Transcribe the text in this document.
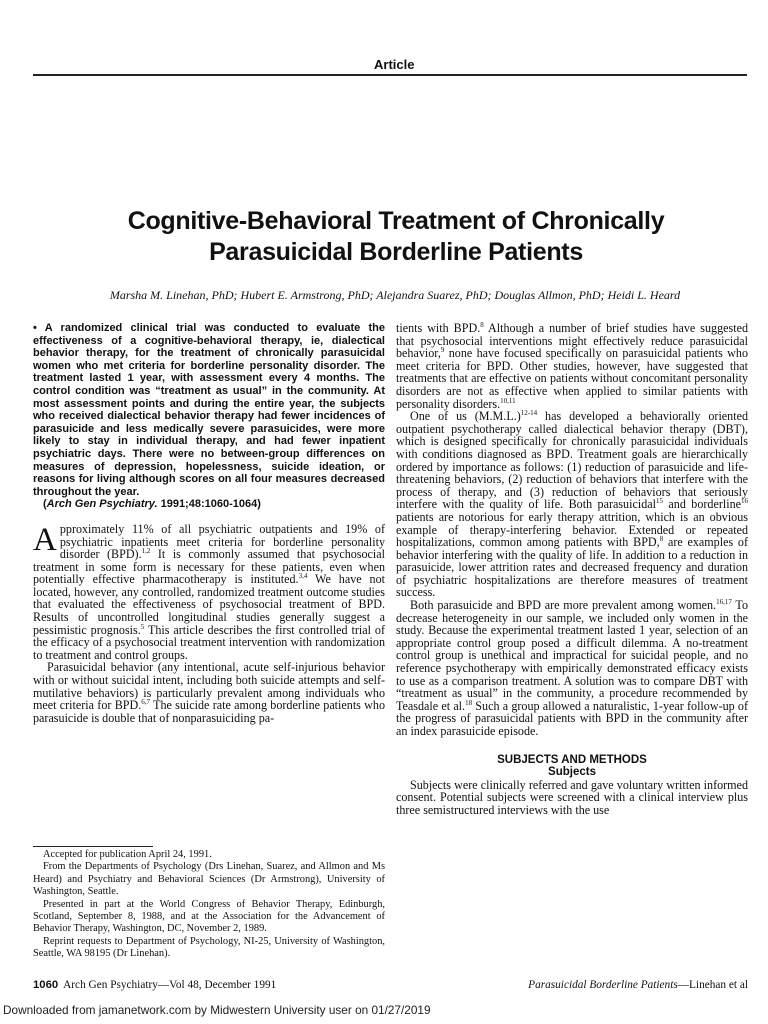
Article
Cognitive-Behavioral Treatment of Chronically
Parasuicidal Borderline Patients
Marsha M. Linehan, PhD; Hubert E. Armstrong, PhD; Alejandra Suarez, PhD; Douglas Allmon, PhD; Heidi L. Heard

• A randomized clinical trial was conducted to evaluate the effectiveness of a cognitive-behavioral therapy, ie, dialectical behavior therapy, for the treatment of chronically parasuicidal women who met criteria for borderline personality disorder. The treatment lasted 1 year, with assessment every 4 months. The control condition was “treatment as usual” in the community. At most assessment points and during the entire year, the subjects who received dialectical behavior therapy had fewer incidences of parasuicide and less medically severe parasuicides, were more likely to stay in individual therapy, and had fewer inpatient psychiatric days. There were no between-group differences on measures of depression, hopelessness, suicide ideation, or reasons for living although scores on all four measures decreased throughout the year.

(Arch Gen Psychiatry. 1991;48:1060-1064)

Approximately 11% of all psychiatric outpatients and 19% of psychiatric inpatients meet criteria for borderline personality disorder (BPD).$^{1,2}$ It is commonly assumed that psychosocial treatment in some form is necessary for these patients, even when potentially effective pharmacotherapy is instituted.$^{3,4}$ We have not located, however, any controlled, randomized treatment outcome studies that evaluated the effectiveness of psychosocial treatment of BPD. Results of uncontrolled longitudinal studies generally suggest a pessimistic prognosis.$^5$ This article describes the first controlled trial of the efficacy of a psychosocial treatment intervention with randomization to treatment and control groups.

Parasuicidal behavior (any intentional, acute self-injurious behavior with or without suicidal intent, including both suicide attempts and self-mutilative behaviors) is particularly prevalent among individuals who meet criteria for BPD.$^{6,7}$ The suicide rate among borderline patients who parasuicide is double that of nonparasuiciding pa-

Accepted for publication April 24, 1991.

From the Departments of Psychology (Drs Linehan, Suarez, and Allmon and Ms Heard) and Psychiatry and Behavioral Sciences (Dr Armstrong), University of Washington, Seattle.

Presented in part at the World Congress of Behavior Therapy, Edinburgh, Scotland, September 8, 1988, and at the Association for the Advancement of Behavior Therapy, Washington, DC, November 2, 1989.

Reprint requests to Department of Psychology, NI-25, University of Washington, Seattle, WA 98195 (Dr Linehan).

tients with BPD.$^8$ Although a number of brief studies have suggested that psychosocial interventions might effectively reduce parasuicidal behavior,$^9$ none have focused specifically on parasuicidal patients who meet criteria for BPD. Other studies, however, have suggested that treatments that are effective on patients without concomitant personality disorders are not as effective when applied to similar patients with personality disorders.$^{10,11}$

One of us $(M.M.L.)^{12-14}$ has developed a behaviorally oriented outpatient psychotherapy called dialectical behavior therapy (DBT), which is designed specifically for chronically parasuicidal individuals with conditions diagnosed as BPD. Treatment goals are hierarchically ordered by importance as follows: (1) reduction of parasuicide and life-threatening behaviors, (2) reduction of behaviors that interfere with the process of therapy, and (3) reduction of behaviors that seriously interfere with the quality of life. Both parasuicidal$^{15}$ and borderline$^{16}$ patients are notorious for early therapy attrition, which is an obvious example of therapy-interfering behavior. Extended or repeated hospitalizations, common among patients with BPD,$^8$ are examples of behavior interfering with the quality of life. In addition to a reduction in parasuicide, lower attrition rates and decreased frequency and duration of psychiatric hospitalizations are therefore measures of treatment success.

Both parasuicide and BPD are more prevalent among women.$^{16,17}$ To decrease heterogeneity in our sample, we included only women in the study. Because the experimental treatment lasted 1 year, selection of an appropriate control group posed a difficult dilemma. A no-treatment control group is unethical and impractical for suicidal people, and no reference psychotherapy with empirically demonstrated efficacy exists to use as a comparison treatment. A solution was to compare DBT with “treatment as usual” in the community, a procedure recommended by Teasdale et al.$^{18}$ Such a group allowed a naturalistic, 1-year follow-up of the progress of parasuicidal patients with BPD in the community after an index parasuicide episode.

SUBJECTS AND METHODS

Subjects

Subjects were clinically referred and gave voluntary written informed consent. Potential subjects were screened with a clinical interview plus three semistructured interviews with the use

1060 Arch Gen Psychiatry—Vol 48, December 1991	Parasuicidal Borderline Patients—Linehan et al
Downloaded from jamanetwork.com by Midwestern University user on 01/27/2019
